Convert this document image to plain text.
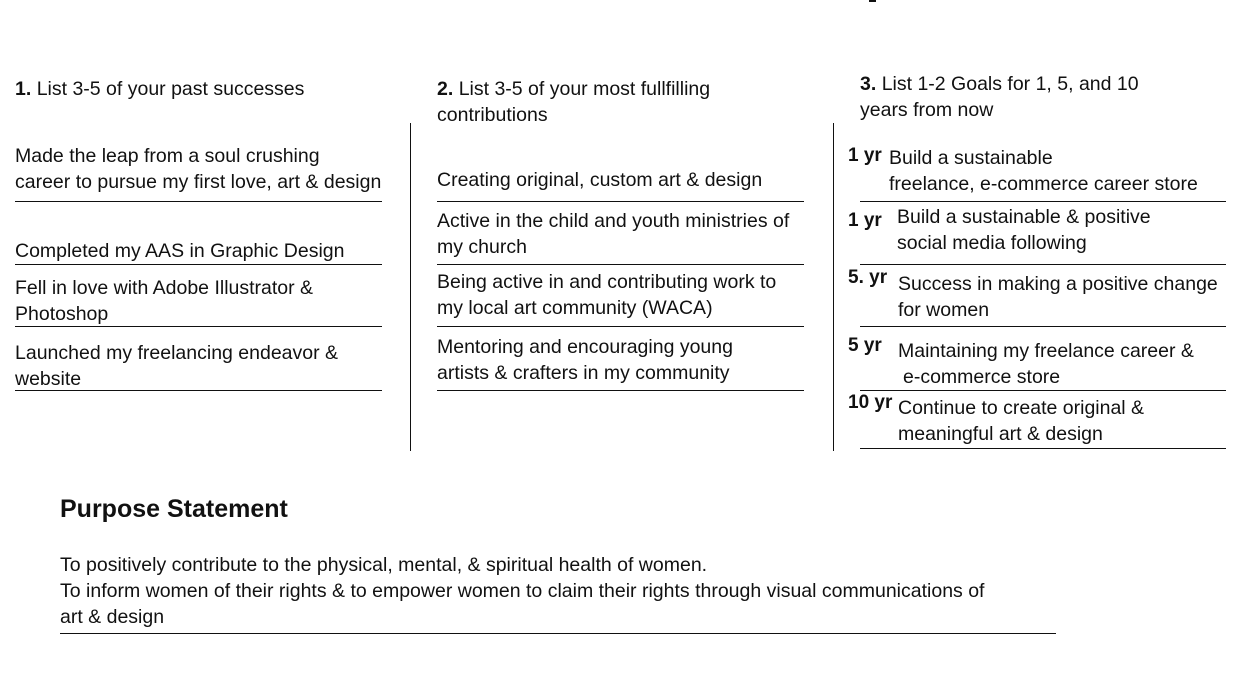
1. List 3-5 of your past successes
Made the leap from a soul crushing
career to pursue my first love, art & design
Completed my AAS in Graphic Design
Fell in love with Adobe Illustrator &
Photoshop
Launched my freelancing endeavor &
website
2. List 3-5 of your most fullfilling
contributions
Creating original, custom art & design
Active in the child and youth ministries of
my church
Being active in and contributing work to
my local art community (WACA)
Mentoring and encouraging young
artists & crafters in my community
3. List 1-2 Goals for 1, 5, and 10
years from now
1 yr Build a sustainable
freelance, e-commerce career store
1 yr Build a sustainable & positive
social media following
5. yr Success in making a positive change
for women
5 yr Maintaining my freelance career &
e-commerce store
10 yr Continue to create original &
meaningful art & design
Purpose Statement
To positively contribute to the physical, mental, & spiritual health of women.
To inform women of their rights & to empower women to claim their rights through visual communications of
art & design
